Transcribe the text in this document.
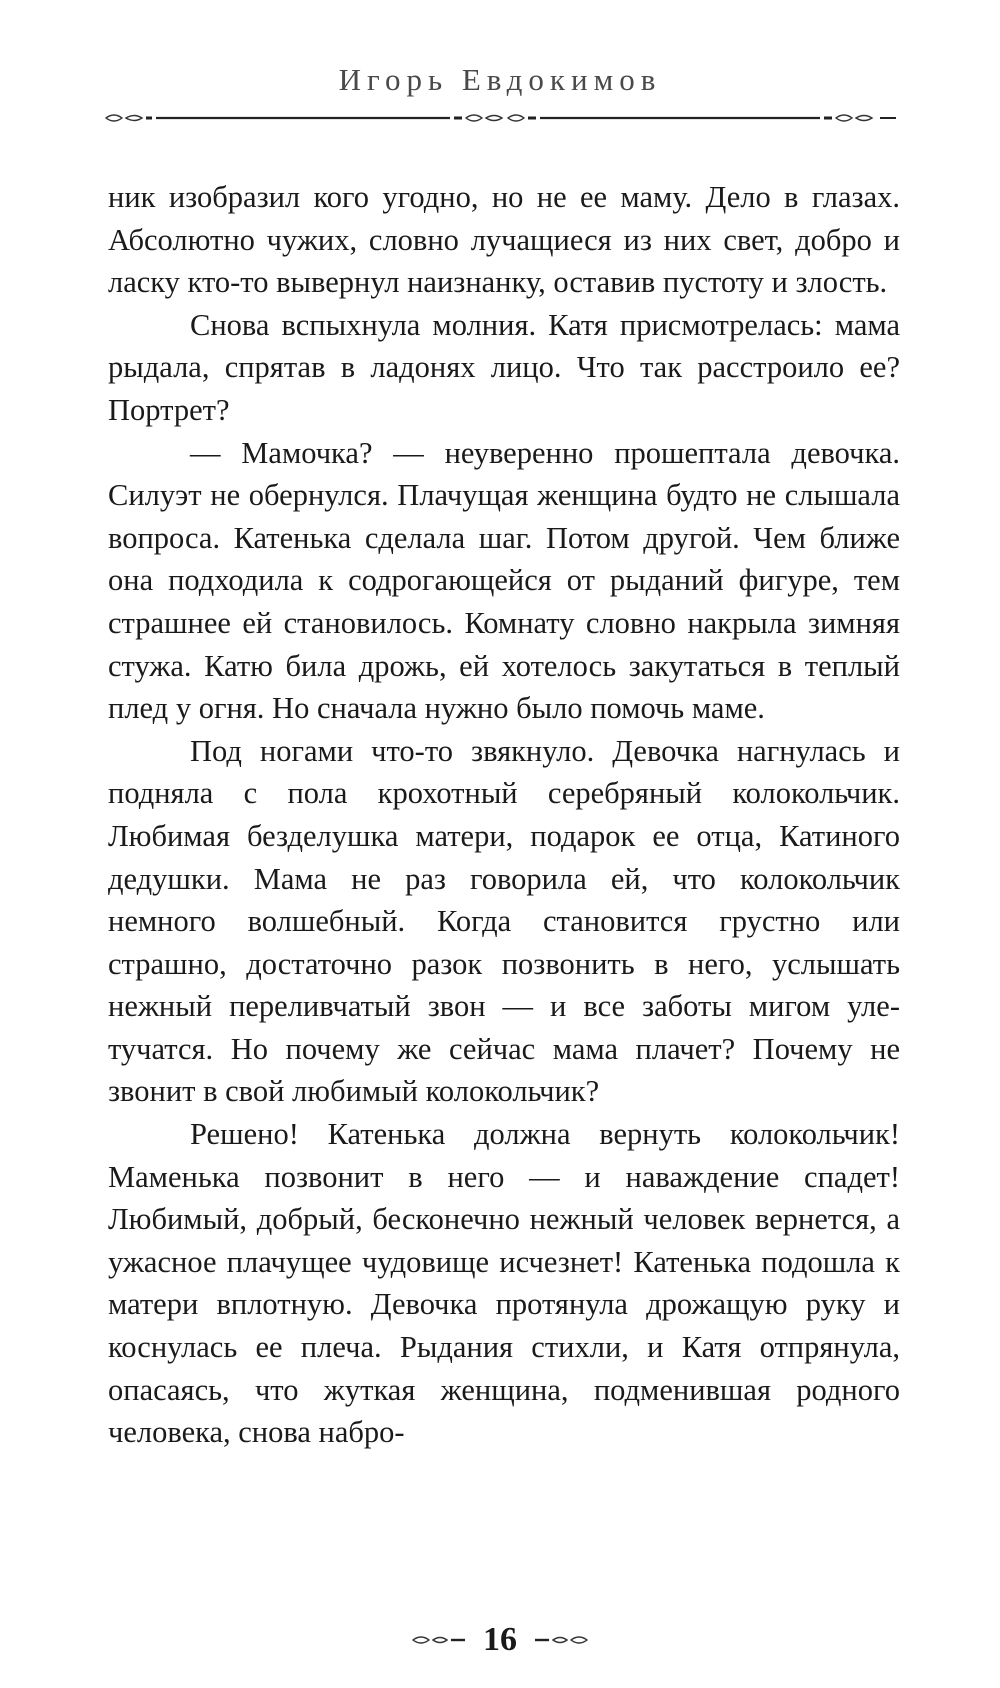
Игорь Евдокимов

ник изобразил кого угодно, но не ее маму. Дело в глазах. Абсолютно чужих, словно лучащиеся из них свет, добро и ласку кто-то вывернул наизнанку, оставив пустоту и злость.

Снова вспыхнула молния. Катя присмотрелась: мама рыдала, спрятав в ладонях лицо. Что так расстроило ее? Портрет?

— Мамочка? — неуверенно прошептала девочка. Силуэт не обернулся. Плачущая женщина будто не слышала вопроса. Катенька сделала шаг. Потом другой. Чем ближе она подходила к содрогающейся от рыданий фигуре, тем страшнее ей становилось. Комнату словно накрыла зимняя стужа. Катю била дрожь, ей хотелось закутаться в теплый плед у огня. Но сначала нужно было помочь маме.

Под ногами что-то звякнуло. Девочка нагнулась и подняла с пола крохотный серебряный колокольчик. Любимая безделушка матери, подарок ее отца, Катиного дедушки. Мама не раз говорила ей, что колокольчик немного волшебный. Когда становится грустно или страшно, достаточно разок позвонить в него, услышать нежный переливчатый звон — и все заботы мигом улетучатся. Но почему же сейчас мама плачет? Почему не звонит в свой любимый колокольчик?

Решено! Катенька должна вернуть колокольчик! Маменька позвонит в него — и наваждение спадет! Любимый, добрый, бесконечно нежный человек вернется, а ужасное плачущее чудовище исчезнет! Катенька подошла к матери вплотную. Девочка протянула дрожащую руку и коснулась ее плеча. Рыдания стихли, и Катя отпрянула, опасаясь, что жуткая женщина, подменившая родного человека, снова набро-

16
